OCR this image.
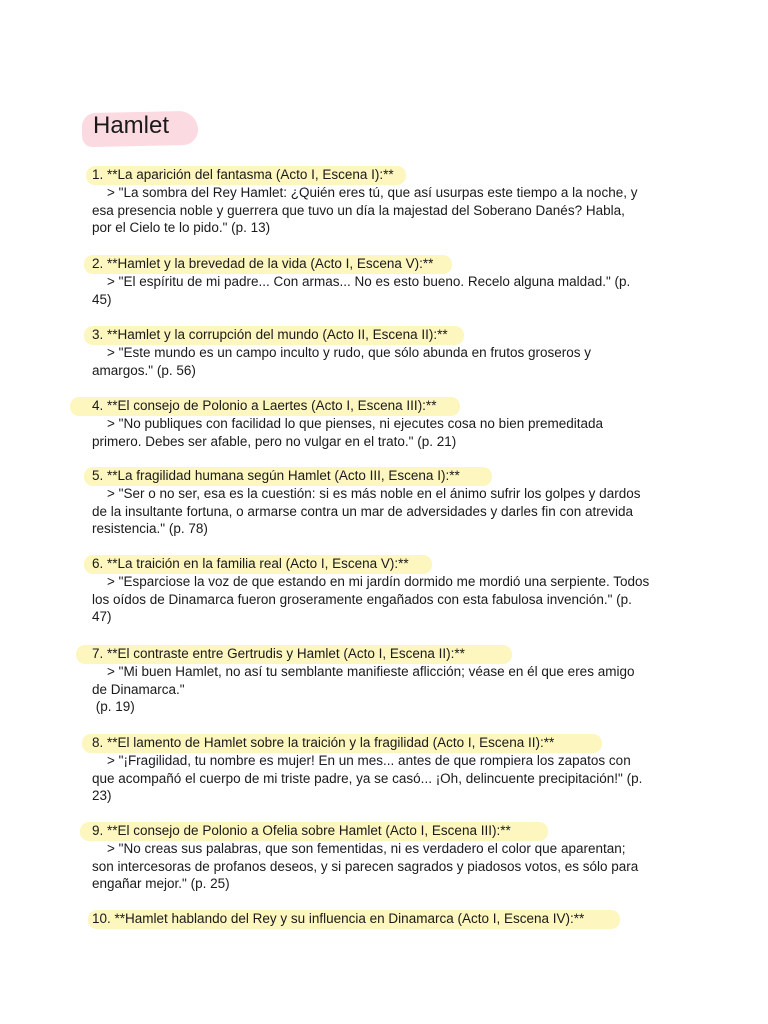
Hamlet
1. **La aparición del fantasma (Acto I, Escena I):**
> "La sombra del Rey Hamlet: ¿Quién eres tú, que así usurpas este tiempo a la noche, y
esa presencia noble y guerrera que tuvo un día la majestad del Soberano Danés? Habla,
por el Cielo te lo pido." (p. 13)
2. **Hamlet y la brevedad de la vida (Acto I, Escena V):**
> "El espíritu de mi padre... Con armas... No es esto bueno. Recelo alguna maldad." (p.
45)
3. **Hamlet y la corrupción del mundo (Acto II, Escena II):**
> "Este mundo es un campo inculto y rudo, que sólo abunda en frutos groseros y
amargos." (p. 56)
4. **El consejo de Polonio a Laertes (Acto I, Escena III):**
> "No publiques con facilidad lo que pienses, ni ejecutes cosa no bien premeditada
primero. Debes ser afable, pero no vulgar en el trato." (p. 21)
5. **La fragilidad humana según Hamlet (Acto III, Escena I):**
> "Ser o no ser, esa es la cuestión: si es más noble en el ánimo sufrir los golpes y dardos
de la insultante fortuna, o armarse contra un mar de adversidades y darles fin con atrevida
resistencia." (p. 78)
6. **La traición en la familia real (Acto I, Escena V):**
> "Esparciose la voz de que estando en mi jardín dormido me mordió una serpiente. Todos
los oídos de Dinamarca fueron groseramente engañados con esta fabulosa invención." (p.
47)
7. **El contraste entre Gertrudis y Hamlet (Acto I, Escena II):**
> "Mi buen Hamlet, no así tu semblante manifieste aflicción; véase en él que eres amigo
de Dinamarca."
(p. 19)
8. **El lamento de Hamlet sobre la traición y la fragilidad (Acto I, Escena II):**
> "¡Fragilidad, tu nombre es mujer! En un mes... antes de que rompiera los zapatos con
que acompañó el cuerpo de mi triste padre, ya se casó... ¡Oh, delincuente precipitación!" (p.
23)
9. **El consejo de Polonio a Ofelia sobre Hamlet (Acto I, Escena III):**
> "No creas sus palabras, que son fementidas, ni es verdadero el color que aparentan;
son intercesoras de profanos deseos, y si parecen sagrados y piadosos votos, es sólo para
engañar mejor." (p. 25)
10. **Hamlet hablando del Rey y su influencia en Dinamarca (Acto I, Escena IV):**
